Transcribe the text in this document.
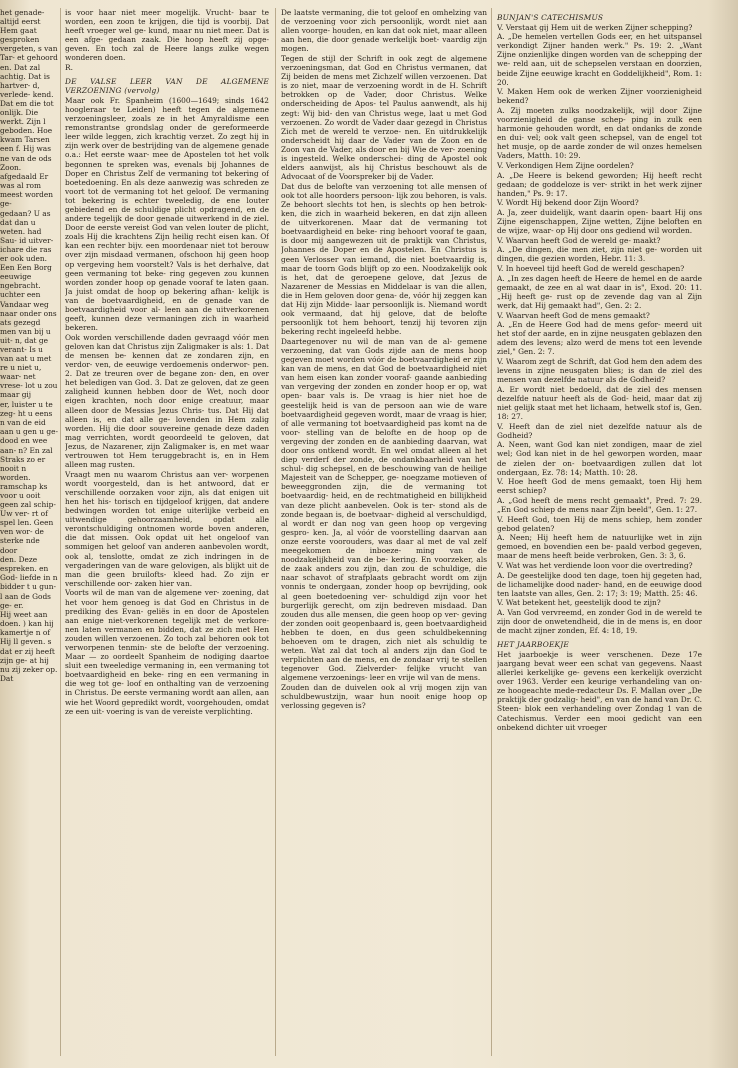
het genade- altijd eerst Hem gaat gesproken vergeten, s van Tar- et gehoord en. Dat zal achtig. Dat is hartver- d, verlede- kend. Dat em die tot onlijk. Die werkt. Zijn l geboden. Hoe kwam Tarsen een f. Hij was ne van de ods Zoon. afgedaald Er was al rom meest worden ge-

gedaan? U as dat dan u weten. had Sau- id uitver- ichare die ras er ook uden. Een Een Borg eeuwige ngebracht. uchter een Vandaar weg naar onder ons ats gezegd men van bij u uit- n, dat ge verant- Is u van aat u met re u niet u, waar- net vrese- lot u zou maar gij

er, luister u te zeg- ht u eens n van de eid aan u gen u ge- dood en wee aan- n? En zal Straks zo er nooit n worden. ramschap ks voor u ooit geen zal schip- Uw ver- rt of spel len. Geen ven wor- de sterke nde door

den. Deze espreken. en God- liefde in n bidder t u gun- l aan de Gods ge- er.

Hij weet aan doen. ) kan hij kamertje n of Hij ll geven. s dat er zij heeft zijn ge- at hij nu zij zeker op. Dat

is voor haar niet meer mogelijk. Vrucht- baar te worden, een zoon te krijgen, die tijd is voorbij. Dat heeft vroeger wel ge- kund, maar nu niet meer. Dat is een afge- gedaan zaak. Die hoop heeft zij opge- geven. En toch zal de Heere langs zulke wegen wonderen doen.

R.

DE VALSE LEER VAN DE ALGEMENE VERZOENING (vervolg)

Maar ook Fr. Spanheim (1600—1649; sinds 1642 hoogleraar te Leiden) heeft tegen de algemene verzoeningsleer, zoals ze in het Amyraldisme een remonstrantse grondslag onder de gereformeerde leer wilde leggen, zich krachtig verzet. Zo zegt hij in zijn werk over de bestrijding van de algemene genade o.a.: Het eerste waar- mee de Apostelen tot het volk begonnen te spreken was, evenals bij Johannes de Doper en Christus Zelf de vermaning tot bekering of boetedoening. En als deze aanwezig was schreden ze voort tot de vermaning tot het geloof. De vermaning tot bekering is echter tweeledig, de ene louter gebiedend en de schuldige plicht opdragend, en de andere tegelijk de door genade uitwerkend in de ziel. Door de eerste vereist God van velen louter de plicht, zoals Hij die krachtens Zijn heilig recht eisen kan. Of kan een rechter bijv. een moordenaar niet tot berouw over zijn misdaad vermanen, ofschoon hij geen hoop op vergeving hem voorstelt? Vals is het derhalve, dat geen vermaning tot beke- ring gegeven zou kunnen worden zonder hoop op genade vooraf te laten gaan. Ja juist omdat de hoop op bekering afhan- kelijk is van de boetvaardigheid, en de genade van de boetvaardigheid voor al- leen aan de uitverkorenen geeft, kunnen deze vermaningen zich in waarheid bekeren.

Ook worden verschillende daden gevraagd vóór men geloven kan dat Christus zijn Zaligmaker is als: 1. Dat de mensen be- kennen dat ze zondaren zijn, en verdor- ven, de eeuwige verdoemenis onderwor- pen. 2. Dat ze treuren over de begane zon- den, en over het beledigen van God. 3. Dat ze geloven, dat ze geen zaligheid kunnen hebben door de Wet, noch door eigen krachten, noch door enige creatuur, maar alleen door de Messias Jezus Chris- tus. Dat Hij dat alleen is, en dat alle ge- lovenden in Hem zalig worden. Hij die door souvereine genade deze daden mag verrichten, wordt geoordeeld te geloven, dat Jezus, de Nazarener, zijn Zaligmaker is, en met waar vertrouwen tot Hem teruggebracht is, en in Hem alleen mag rusten.

Vraagt men nu waarom Christus aan ver- worpenen wordt voorgesteld, dan is het antwoord, dat er verschillende oorzaken voor zijn, als dat enigen uit hen het his- torisch en tijdgeloof krijgen, dat andere bedwingen worden tot enige uiterlijke verbeid en uitwendige gehoorzaamheid, opdat alle verontschuldiging ontnomen worde boven anderen, die dat missen. Ook opdat uit het ongeloof van sommigen het geloof van anderen aanbevolen wordt, ook al, tenslotte, omdat ze zich indringen in de vergaderingen van de ware gelovigen, als blijkt uit de man die geen bruilofts- kleed had. Zo zijn er verschillende oor- zaken hier van.

Voorts wil de man van de algemene ver- zoening, dat het voor hem genoeg is dat God en Christus in de prediking des Evan- geliës in en door de Apostelen aan enige niet-verkorenen tegelijk met de verkore- nen laten vermanen en bidden, dat ze zich met Hen zouden willen verzoenen. Zo toch zal behoren ook tot verworpenen tenmin- ste de belofte der verzoening. Maar — zo oordeelt Spanheim de nodiging daartoe sluit een tweeledige vermaning in, een vermaning tot boetvaardigheid en beke- ring en een vermaning in die weg tot ge- loof en onthalting van de verzoening in Christus. De eerste vermaning wordt aan allen, aan wie het Woord gepredikt wordt, voorgehouden, omdat ze een uit- voering is van de vereiste verplichting.

De laatste vermaning, die tot geloof en omhelzing van de verzoening voor zich persoonlijk, wordt niet aan allen voorge- houden, en kan dat ook niet, maar alleen aan hen, die door genade werkelijk boet- vaardig zijn mogen.

Tegen de stijl der Schrift in ook zegt de algemene verzoeningsman, dat God en Christus vermanen, dat Zij beiden de mens met Zichzelf willen verzoenen. Dat is zo niet, maar de verzoening wordt in de H. Schrift betrokken op de Vader, door Christus. Welke onderscheiding de Apos- tel Paulus aanwendt, als hij zegt: Wij bid- den van Christus wege, laat u met God verzoenen. Zo wordt de Vader daar gezegd in Christus Zich met de wereld te verzoe- nen. En uitdrukkelijk onderscheidt hij daar de Vader van de Zoon en de Zoon van de Vader, als door en bij Wie de ver- zoening is ingesteld. Welke onderschei- ding de Apostel ook elders aanwijst, als hij Christus beschouwt als de Advocaat of de Voorspreker bij de Vader.

Dat dus de belofte van verzoening tot alle mensen of ook tot alle hoorders persoon- lijk zou behoren, is vals. Ze behoort slechts tot hen, is slechts op hen betrok- ken, die zich in waarheid bekeren, en dat zijn alleen de uitverkorenen. Maar dat de vermaning tot boetvaardigheid en beke- ring behoort vooraf te gaan, is door mij aangewezen uit de praktijk van Christus, Johannes de Doper en de Apostelen. En Christus is geen Verlosser van iemand, die niet boetvaardig is, maar de toorn Gods blijft op zo een. Noodzakelijk ook is het, dat de geroepene gelove, dat Jezus de Nazarener de Messias en Middelaar is van die allen, die in Hem geloven door gena- de, vóór hij zeggen kan dat Hij zijn Midde- laar persoonlijk is. Niemand wordt ook vermaand, dat hij gelove, dat de belofte persoonlijk tot hem behoort, tenzij hij tevoren zijn bekering recht ingeleefd hebbe.

Daartegenover nu wil de man van de al- gemene verzoening, dat van Gods zijde aan de mens hoop gegeven moet worden vóór de boetvaardigheid er zijn kan van de mens, en dat God de boetvaardigheid niet van hem eisen kan zonder vooraf- gaande aanbieding van vergeving der zonden en zonder hoop er op, wat open- baar vals is. De vraag is hier niet hoe de geestelijk heid is van de persoon aan wie de ware boetvaardigheid gegeven wordt, maar de vraag is hier, of alle vermaning tot boetvaardigheid pas komt na de voor- stelling van de belofte en de hoop op de vergeving der zonden en de aanbieding daarvan, wat door ons ontkend wordt. En wel omdat alleen al het diep verderf der zonde, de ondankbaarheid van het schul- dig schepsel, en de beschouwing van de heilige Majesteit van de Schepper, ge- noegzame motieven of beweeggronden zijn, die de vermaning tot boetvaardig- heid, en de rechtmatigheid en billijkheid van deze plicht aanbevelen. Ook is ter- stond als de zonde begaan is, de boetvaar- digheid al verschuldigd, al wordt er dan nog van geen hoop op vergeving gespro- ken. Ja, al vóór de voorstelling daarvan aan onze eerste voorouders, was daar al met de val zelf meegekomen de inboeze- ming van de noodzakelijkheid van de be- kering. En voorzeker, als de zaak anders zou zijn, dan zou de schuldige, die naar schavot of strafplaats gebracht wordt om zijn vonnis te ondergaan, zonder hoop op bevrijding, ook al geen boetedoening ver- schuldigd zijn voor het burgerlijk gerecht, om zijn bedreven misdaad. Dan zouden dus alle mensen, die geen hoop op ver- geving der zonden ooit geopenbaard is, geen boetvaardigheid hebben te doen, en dus geen schuldbekenning behoeven om te dragen, zich niet als schuldig te weten. Wat zal dat toch al anders zijn dan God te verplichten aan de mens, en de zondaar vrij te stellen tegenover God. Zielverder- felijke vrucht van algemene verzoenings- leer en vrije wil van de mens.

Zouden dan de duivelen ook al vrij mogen zijn van schuldbewustzijn, waar hun nooit enige hoop op verlossing gegeven is?

BUNJAN'S CATECHISMUS

V. Verstaat gij Hem uit de werken Zijner schepping?

A. „De hemelen vertellen Gods eer, en het uitspansel verkondigt Zijner handen werk." Ps. 19: 2. „Want Zijne onzienlijke dingen worden van de schepping der we- reld aan, uit de schepselen verstaan en doorzien, beide Zijne eeuwige kracht en Goddelijkheid", Rom. 1: 20.

V. Maken Hem ook de werken Zijner voorzienigheid bekend?

A. Zij moeten zulks noodzakelijk, wijl door Zijne voorzienigheid de ganse schep- ping in zulk een harmonie gehouden wordt, en dat ondanks de zonde en dui- vel; ook valt geen schepsel, van de engel tot het musje, op de aarde zonder de wil onzes hemelsen Vaders, Matth. 10: 29.

V. Verkondigen Hem Zijne oordelen?

A. „De Heere is bekend geworden; Hij heeft recht gedaan; de goddeloze is ver- strikt in het werk zijner handen," Ps. 9: 17.

V. Wordt Hij bekend door Zijn Woord?

A. Ja, zeer duidelijk, want daarin open- baart Hij ons Zijne eigenschappen, Zijne wetten, Zijne beloften en de wijze, waar- op Hij door ons gediend wil worden.

V. Waarvan heeft God de wereld ge- maakt?

A. „De dingen, die men ziet, zijn niet ge- worden uit dingen, die gezien worden, Hebr. 11: 3.

V. In hoeveel tijd heeft God de wereld geschapen?

A. „In zes dagen heeft de Heere de hemel en de aarde gemaakt, de zee en al wat daar in is", Exod. 20: 11. „Hij heeft ge- rust op de zevende dag van al Zijn werk, dat Hij gemaakt had", Gen. 2: 2.

V. Waarvan heeft God de mens gemaakt?

A. „En de Heere God had de mens gefor- meerd uit het stof der aarde, en in zijne neusgaten geblazen den adem des levens; alzo werd de mens tot een levende ziel," Gen. 2: 7.

V. Waarom zegt de Schrift, dat God hem den adem des levens in zijne neusgaten blies; is dan de ziel des mensen van dezelfde natuur als de Godheid?

A. Er wordt niet bedoeld, dat de ziel des mensen dezelfde natuur heeft als de God- heid, maar dat zij niet gelijk staat met het lichaam, hetwelk stof is, Gen. 18: 27.

V. Heeft dan de ziel niet dezelfde natuur als de Godheid?

A. Neen, want God kan niet zondigen, maar de ziel wel; God kan niet in de hel geworpen worden, maar de zielen der on- boetvaardigen zullen dat lot ondergaan, Ez. 78: 14; Matth. 10: 28.

V. Hoe heeft God de mens gemaakt, toen Hij hem eerst schiep?

A. „God heeft de mens recht gemaakt", Pred. 7: 29. „En God schiep de mens naar Zijn beeld", Gen. 1: 27.

V. Heeft God, toen Hij de mens schiep, hem zonder gebod gelaten?

A. Neen; Hij heeft hem de natuurlijke wet in zijn gemoed, en bovendien een be- paald verbod gegeven, maar de mens heeft beide verbroken, Gen. 3: 3, 6.

V. Wat was het verdiende loon voor die overtreding?

A. De geestelijke dood ten dage, toen hij gegeten had, de lichamelijke dood nader- hand, en de eeuwige dood ten laatste van alles, Gen. 2: 17; 3: 19; Matth. 25: 46.

V. Wat betekent het, geestelijk dood te zijn?

A. Van God vervreemd, en zonder God in de wereld te zijn door de onwetendheid, die in de mens is, en door de macht zijner zonden, Ef. 4: 18, 19.

HET JAARBOEKJE

Het jaarboekje is weer verschenen. Deze 17e jaargang bevat weer een schat van gegevens. Naast allerlei kerkelijke ge- gevens een kerkelijk overzicht over 1963. Verder een keurige verhandeling van on- ze hoogeachte mede-redacteur Ds. F. Mallan over „De praktijk der godzalig- heid", en van de hand van Dr. C. Steen- blok een verhandeling over Zondag 1 van de Catechismus. Verder een mooi gedicht van een onbekend dichter uit vroeger
